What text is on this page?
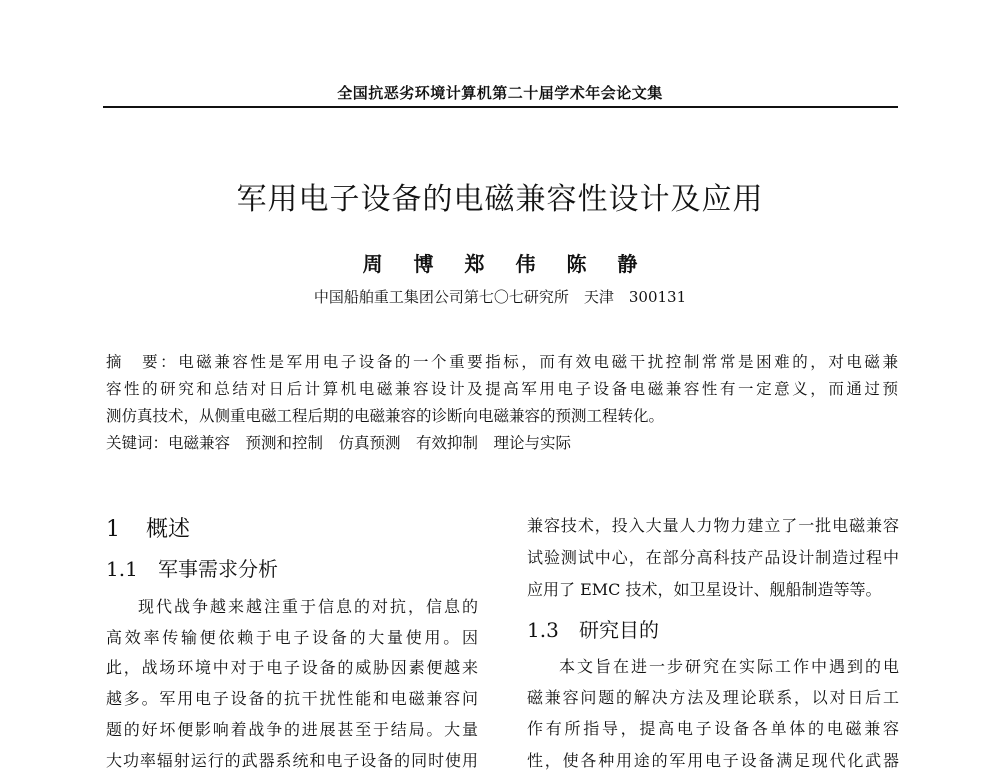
全国抗恶劣环境计算机第二十届学术年会论文集
军用电子设备的电磁兼容性设计及应用
周 博 郑 伟 陈 静
中国船舶重工集团公司第七〇七研究所　天津　300131
摘　要：电磁兼容性是军用电子设备的一个重要指标，而有效电磁干扰控制常常是困难的，对电磁兼
容性的研究和总结对日后计算机电磁兼容设计及提高军用电子设备电磁兼容性有一定意义，而通过预
测仿真技术，从侧重电磁工程后期的电磁兼容的诊断向电磁兼容的预测工程转化。
关键词：电磁兼容　预测和控制　仿真预测　有效抑制　理论与实际
1 概述
1.1 军事需求分析
现代战争越来越注重于信息的对抗，信息的
高效率传输便依赖于电子设备的大量使用。因
此，战场环境中对于电子设备的威胁因素便越来
越多。军用电子设备的抗干扰性能和电磁兼容问
题的好坏便影响着战争的进展甚至于结局。大量
大功率辐射运行的武器系统和电子设备的同时使用
兼容技术，投入大量人力物力建立了一批电磁兼容
试验测试中心，在部分高科技产品设计制造过程中
应用了 EMC 技术，如卫星设计、舰船制造等等。
1.3 研究目的
本文旨在进一步研究在实际工作中遇到的电
磁兼容问题的解决方法及理论联系，以对日后工
作有所指导，提高电子设备各单体的电磁兼容
性，使各种用途的军用电子设备满足现代化武器
